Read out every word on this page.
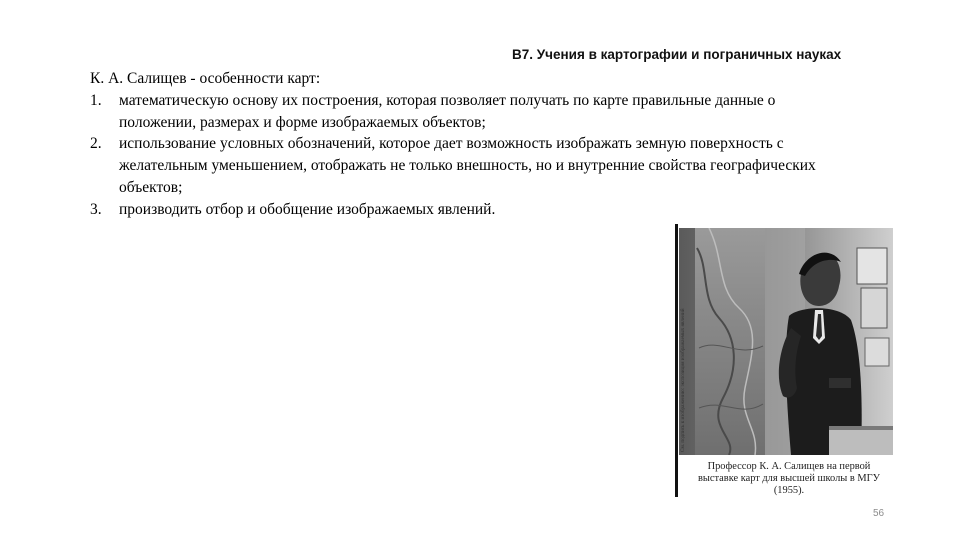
В7. Учения в картографии и пограничных науках

К. А. Салищев - особенности карт:

1. математическую основу их построения, которая позволяет получать по карте правильные данные о положении, размерах и форме изображаемых объектов;
2. использование условных обозначений, которое дает возможность изображать земную поверхность с желательным уменьшением, отображать не только внешность, но и внутренние свойства географических объектов;
3. производить отбор и обобщение изображаемых явлений.
См. подпись к изображению: экспозиция изображаемых явлений
Профессор К. А. Салищев на первой
выставке карт для высшей школы в МГУ
(1955).
56
